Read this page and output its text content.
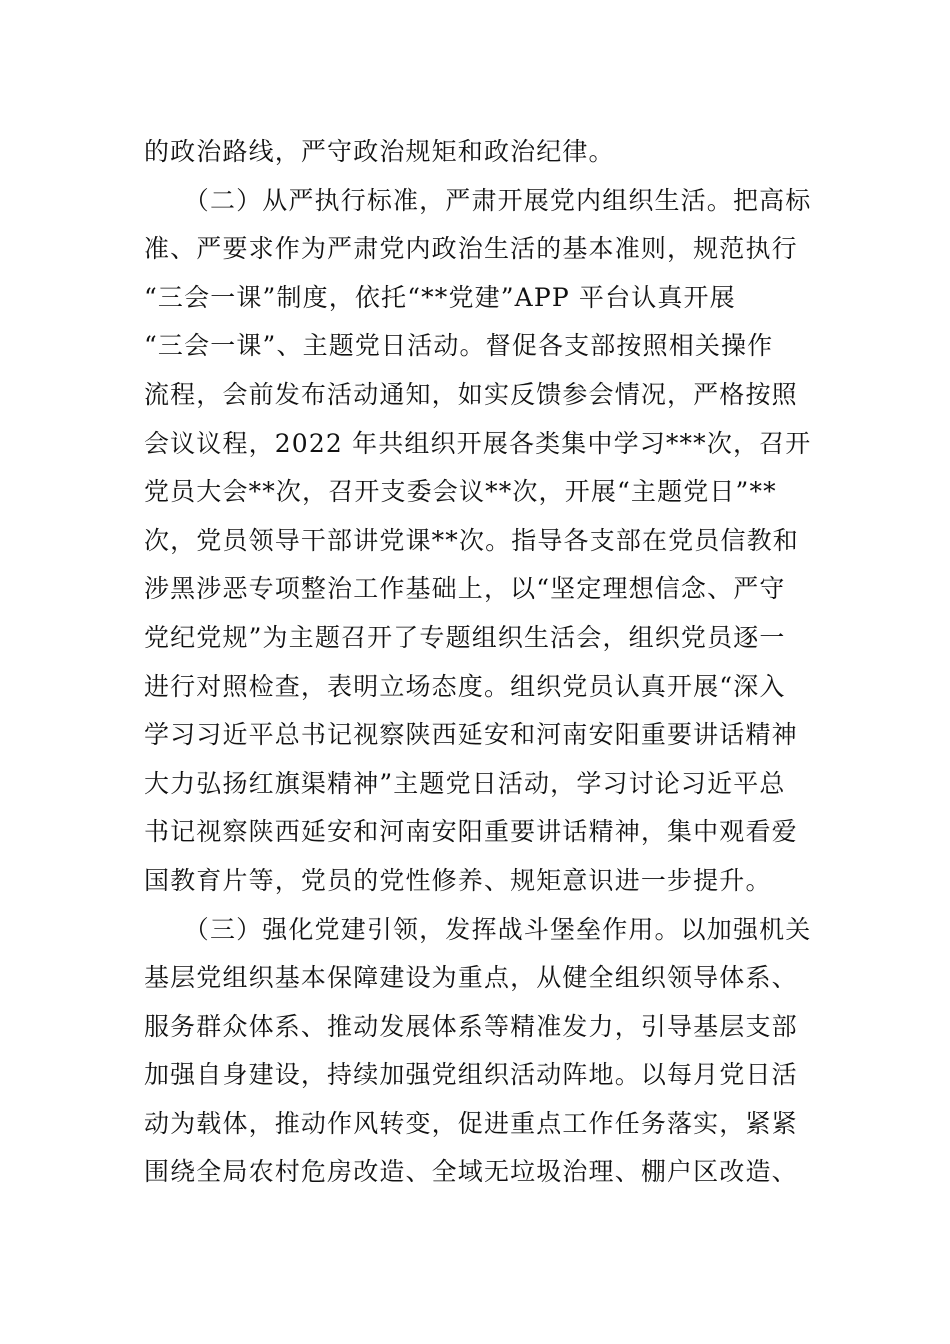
的政治路线，严守政治规矩和政治纪律。
　　（二）从严执行标准，严肃开展党内组织生活。把高标
准、严要求作为严肃党内政治生活的基本准则，规范执行
“三会一课”制度，依托“**党建”APP 平台认真开展
“三会一课”、主题党日活动。督促各支部按照相关操作
流程，会前发布活动通知，如实反馈参会情况，严格按照
会议议程，2022 年共组织开展各类集中学习***次，召开
党员大会**次，召开支委会议**次，开展“主题党日”**
次，党员领导干部讲党课**次。指导各支部在党员信教和
涉黑涉恶专项整治工作基础上，以“坚定理想信念、严守
党纪党规”为主题召开了专题组织生活会，组织党员逐一
进行对照检查，表明立场态度。组织党员认真开展“深入
学习习近平总书记视察陕西延安和河南安阳重要讲话精神
大力弘扬红旗渠精神”主题党日活动，学习讨论习近平总
书记视察陕西延安和河南安阳重要讲话精神，集中观看爱
国教育片等，党员的党性修养、规矩意识进一步提升。
　　（三）强化党建引领，发挥战斗堡垒作用。以加强机关
基层党组织基本保障建设为重点，从健全组织领导体系、
服务群众体系、推动发展体系等精准发力，引导基层支部
加强自身建设，持续加强党组织活动阵地。以每月党日活
动为载体，推动作风转变，促进重点工作任务落实，紧紧
围绕全局农村危房改造、全域无垃圾治理、棚户区改造、
